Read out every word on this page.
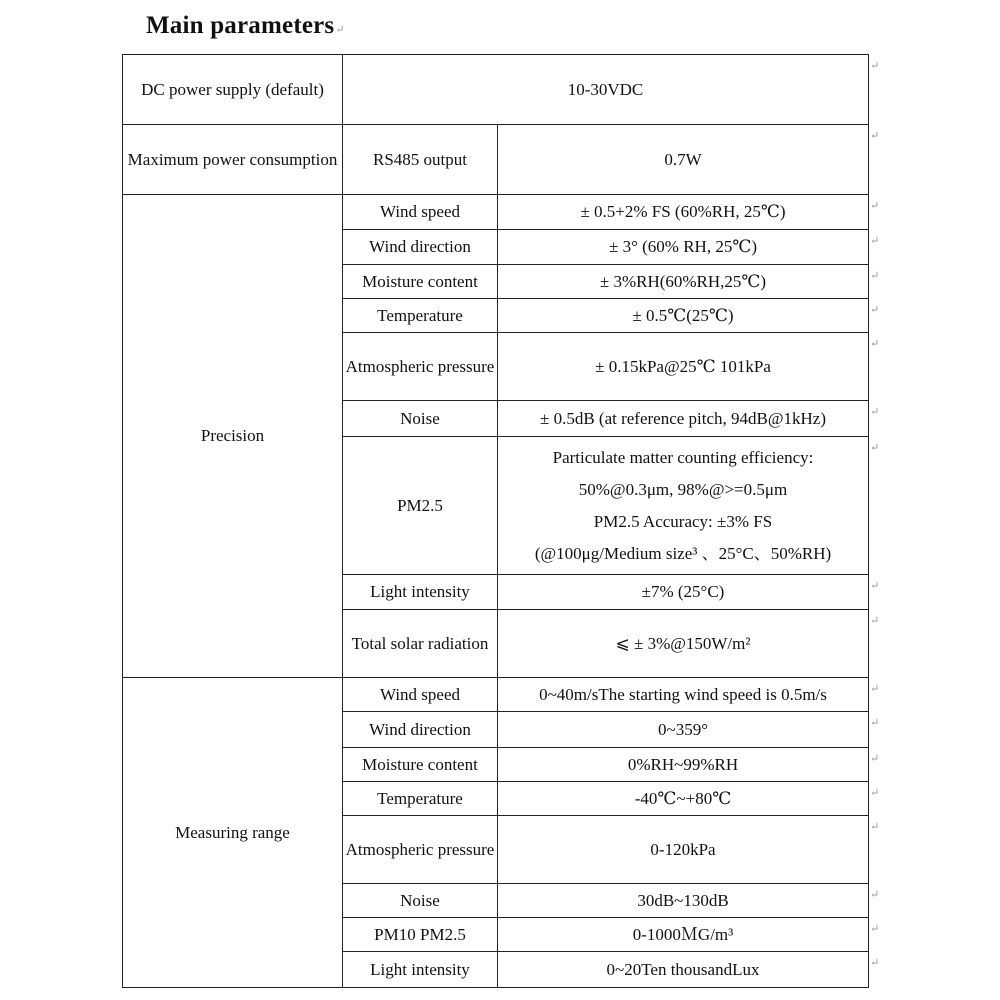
Main parameters↵
DC power supply (default)	10-30VDC	
Maximum power consumption	RS485 output	0.7W
Precision	Wind speed	± 0.5+2% FS (60%RH, 25℃)
	Wind direction	± 3° (60% RH, 25℃)
	Moisture content	± 3%RH(60%RH,25℃)
	Temperature	± 0.5℃(25℃)
	Atmospheric pressure	± 0.15kPa@25℃ 101kPa
	Noise	± 0.5dB (at reference pitch, 94dB@1kHz)
	PM2.5	Particulate matter counting efficiency:
50%@0.3μm, 98%@>=0.5μm
PM2.5 Accuracy: ±3% FS
(@100μg/Medium size³ 、25°C、50%RH)

	Light intensity	±7% (25°C)
	Total solar radiation	⩽ ± 3%@150W/m²
Measuring range	Wind speed	0~40m/sThe starting wind speed is 0.5m/s
	Wind direction	0~359°
	Moisture content	0%RH~99%RH
	Temperature	-40℃~+80℃
	Atmospheric pressure	0-120kPa
	Noise	30dB~130dB
	PM10 PM2.5	0-1000ＭG/m³
	Light intensity	0~20Ten thousandLux
↵
↵
↵
↵
↵
↵
↵
↵
↵
↵
↵
↵
↵
↵
↵
↵
↵
↵
↵
